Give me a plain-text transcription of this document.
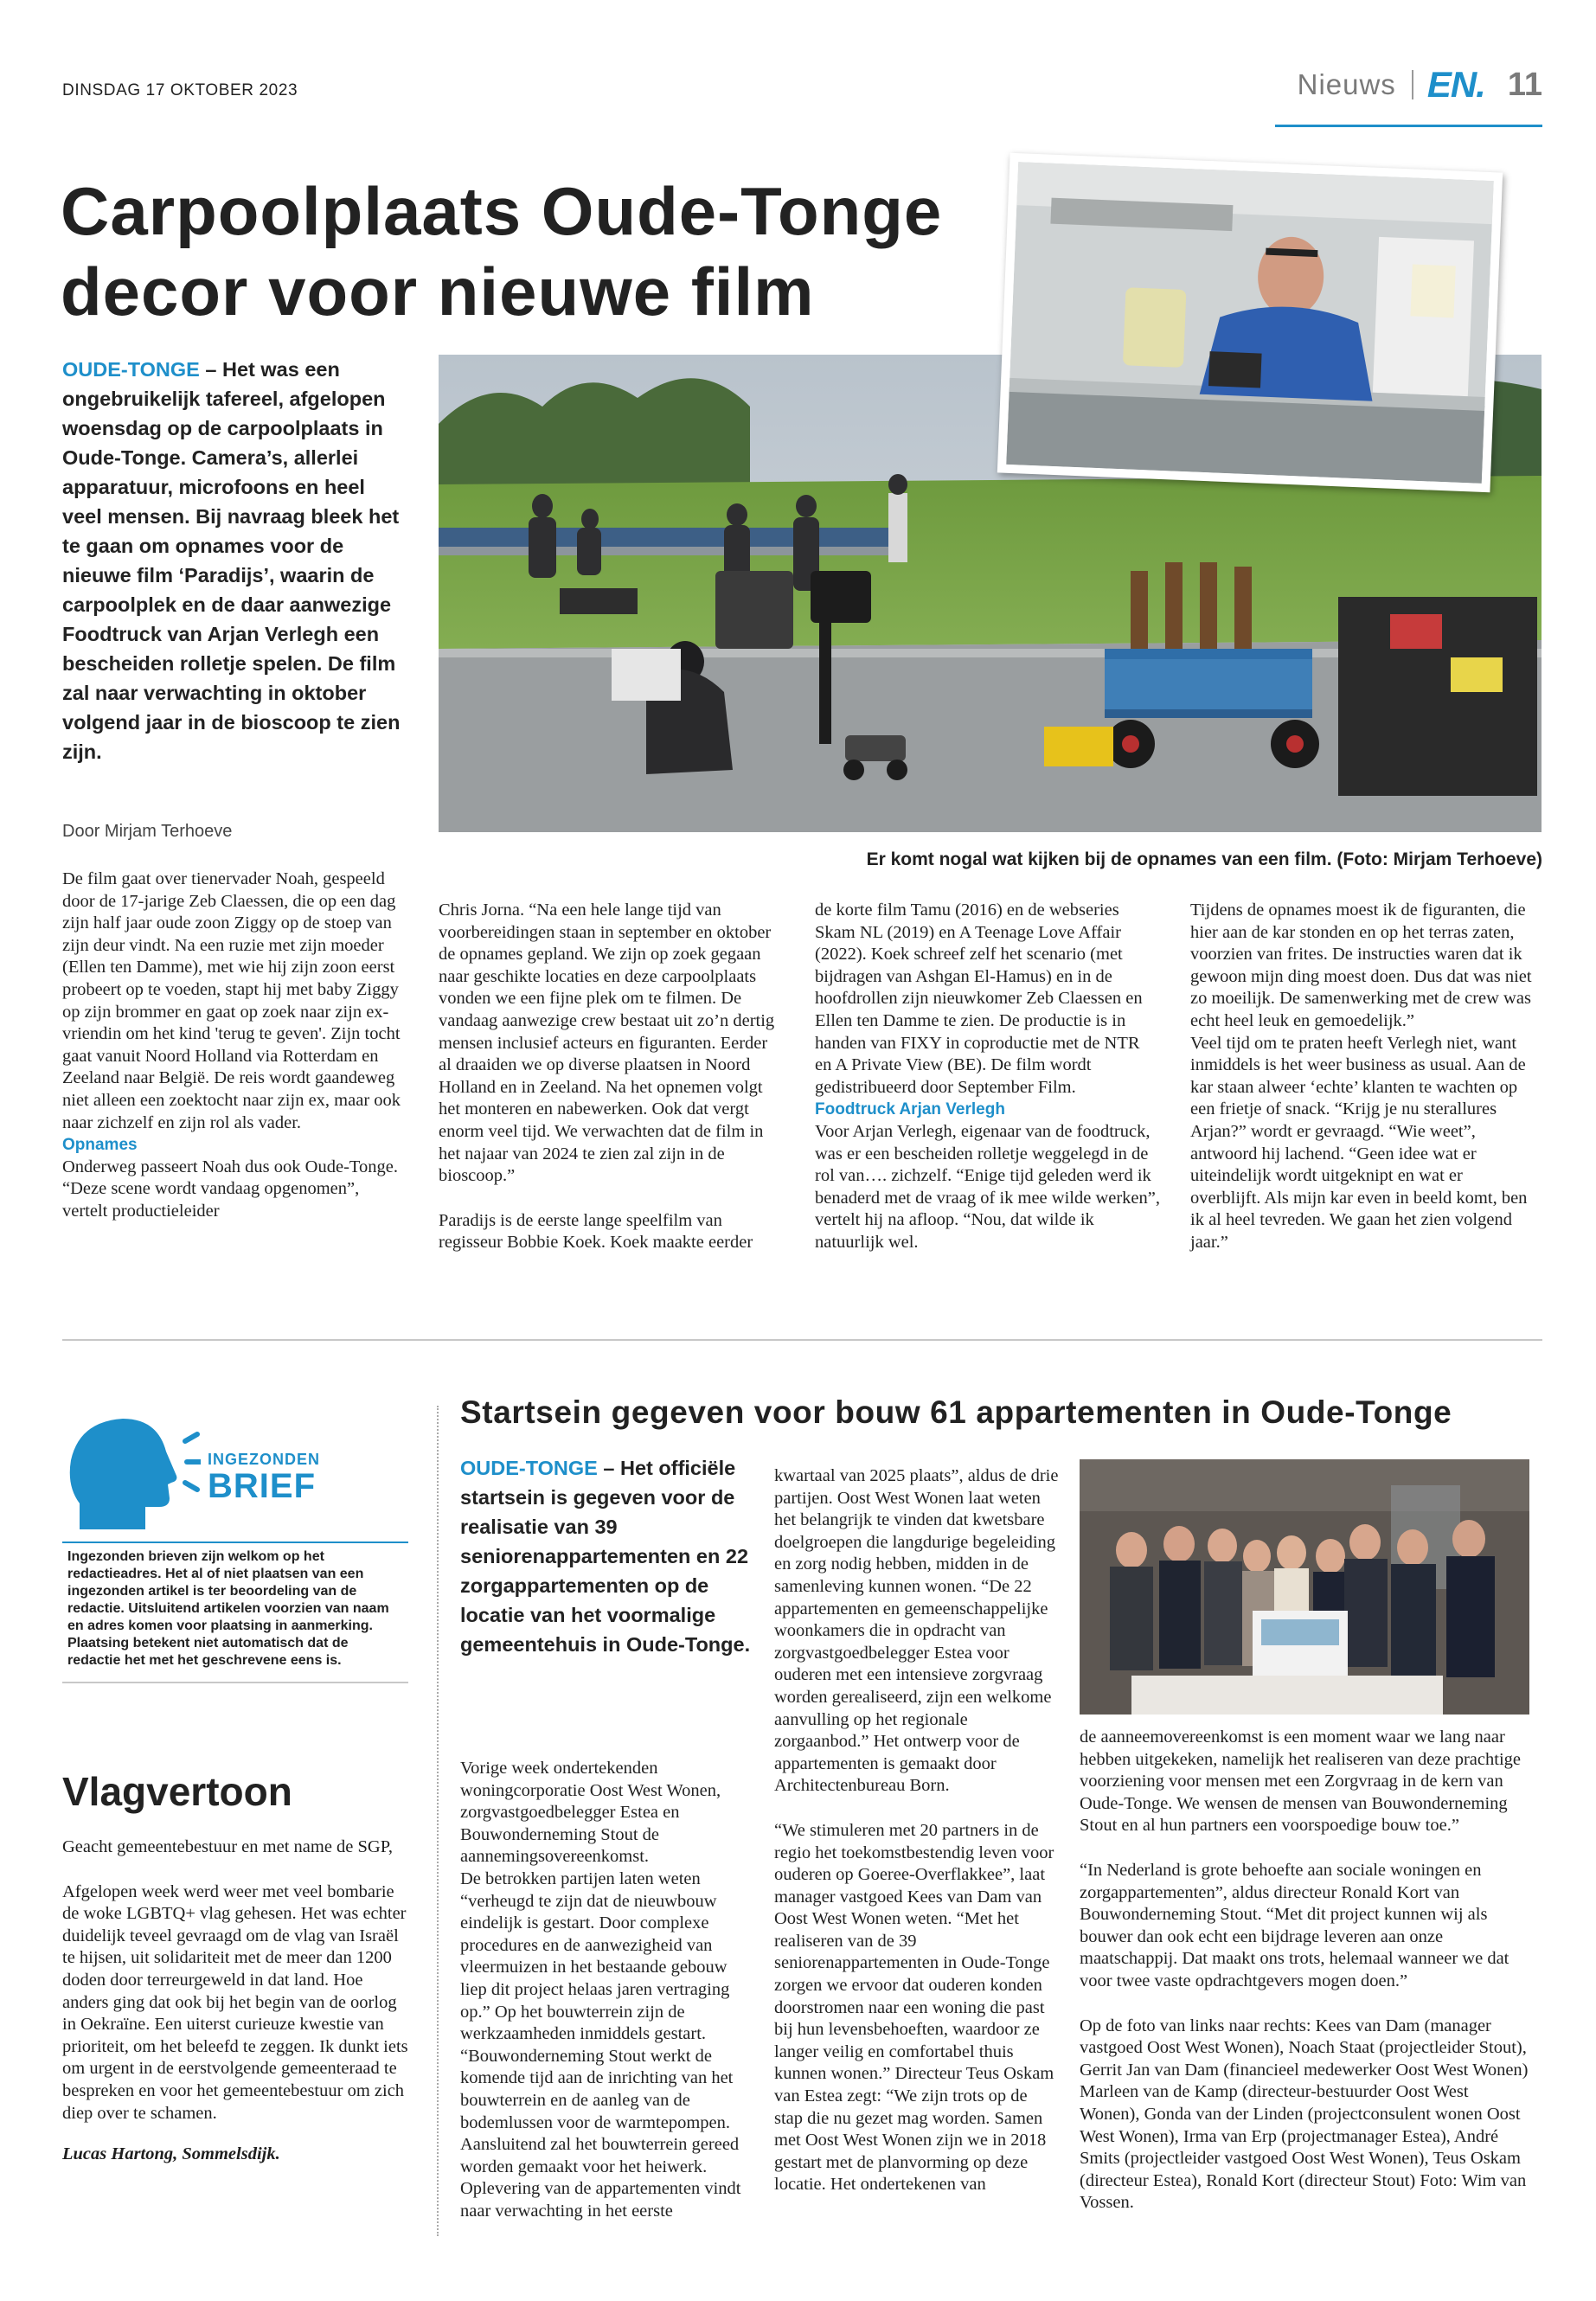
DINSDAG 17 OKTOBER 2023	Nieuws EN. 11
Carpoolplaats Oude-Tonge
decor voor nieuwe film
OUDE-TONGE – Het was een ongebruikelijk tafereel, afgelopen woensdag op de carpoolplaats in Oude-Tonge. Camera’s, allerlei apparatuur, microfoons en heel veel mensen. Bij navraag bleek het te gaan om opnames voor de nieuwe film ‘Paradijs’, waarin de carpoolplek en de daar aanwezige Foodtruck van Arjan Verlegh een bescheiden rolletje spelen. De film zal naar verwachting in oktober volgend jaar in de bioscoop te zien zijn.
Door Mirjam Terhoeve
Er komt nogal wat kijken bij de opnames van een film. (Foto: Mirjam Terhoeve)

De film gaat over tienervader Noah, gespeeld door de 17-jarige Zeb Claessen, die op een dag zijn half jaar oude zoon Ziggy op de stoep van zijn deur vindt. Na een ruzie met zijn moeder (Ellen ten Damme), met wie hij zijn zoon eerst probeert op te voeden, stapt hij met baby Ziggy op zijn brommer en gaat op zoek naar zijn ex-vriendin om het kind 'terug te geven'. Zijn tocht gaat vanuit Noord Holland via Rotterdam en Zeeland naar België. De reis wordt gaandeweg niet alleen een zoektocht naar zijn ex, maar ook naar zichzelf en zijn rol als vader.

Opnames

Onderweg passeert Noah dus ook Oude-Tonge. “Deze scene wordt vandaag opgenomen”, vertelt productieleider

Chris Jorna. “Na een hele lange tijd van voorbereidingen staan in september en oktober de opnames gepland. We zijn op zoek gegaan naar geschikte locaties en deze carpoolplaats vonden we een fijne plek om te filmen. De vandaag aanwezige crew bestaat uit zo’n dertig mensen inclusief acteurs en figuranten. Eerder al draaiden we op diverse plaatsen in Noord Holland en in Zeeland. Na het opnemen volgt het monteren en nabewerken. Ook dat vergt enorm veel tijd. We verwachten dat de film in het najaar van 2024 te zien zal zijn in de bioscoop.”

Paradijs is de eerste lange speelfilm van regisseur Bobbie Koek. Koek maakte eerder

de korte film Tamu (2016) en de webseries Skam NL (2019) en A Teenage Love Affair (2022). Koek schreef zelf het scenario (met bijdragen van Ashgan El-Hamus) en in de hoofdrollen zijn nieuwkomer Zeb Claessen en Ellen ten Damme te zien. De productie is in handen van FIXY in coproductie met de NTR en A Private View (BE). De film wordt gedistribueerd door September Film.

Foodtruck Arjan Verlegh

Voor Arjan Verlegh, eigenaar van de foodtruck, was er een bescheiden rolletje weggelegd in de rol van…. zichzelf. “Enige tijd geleden werd ik benaderd met de vraag of ik mee wilde werken”, vertelt hij na afloop. “Nou, dat wilde ik natuurlijk wel.

Tijdens de opnames moest ik de figuranten, die hier aan de kar stonden en op het terras zaten, voorzien van frites. De instructies waren dat ik gewoon mijn ding moest doen. Dus dat was niet zo moeilijk. De samenwerking met de crew was echt heel leuk en gemoedelijk.”

Veel tijd om te praten heeft Verlegh niet, want inmiddels is het weer business as usual. Aan de kar staan alweer ‘echte’ klanten te wachten op een frietje of snack. “Krijg je nu sterallures Arjan?” wordt er gevraagd. “Wie weet”, antwoord hij lachend. “Geen idee wat er uiteindelijk wordt uitgeknipt en wat er overblijft. Als mijn kar even in beeld komt, ben ik al heel tevreden. We gaan het zien volgend jaar.”

INGEZONDEN
BRIEF
Ingezonden brieven zijn welkom op het redactieadres. Het al of niet plaatsen van een ingezonden artikel is ter beoordeling van de redactie. Uitsluitend artikelen voorzien van naam en adres komen voor plaatsing in aanmerking. Plaatsing betekent niet automatisch dat de redactie het met het geschrevene eens is.
Vlagvertoon

Geacht gemeentebestuur en met name de SGP,

Afgelopen week werd weer met veel bombarie de woke LGBTQ+ vlag gehesen. Het was echter duidelijk teveel gevraagd om de vlag van Israël te hijsen, uit solidariteit met de meer dan 1200 doden door terreurgeweld in dat land. Hoe anders ging dat ook bij het begin van de oorlog in Oekraïne. Een uiterst curieuze kwestie van prioriteit, om het beleefd te zeggen. Ik dunkt iets om urgent in de eerstvolgende gemeenteraad te bespreken en voor het gemeentebestuur om zich diep over te schamen.

Lucas Hartong, Sommelsdijk.

Startsein gegeven voor bouw 61 appartementen in Oude-Tonge
OUDE-TONGE – Het officiële startsein is gegeven voor de realisatie van 39 seniorenappartementen en 22 zorgappartementen op de locatie van het voormalige gemeentehuis in Oude-Tonge.

Vorige week ondertekenden woningcorporatie Oost West Wonen, zorgvastgoedbelegger Estea en Bouwonderneming Stout de aannemingsovereenkomst.

De betrokken partijen laten weten “verheugd te zijn dat de nieuwbouw eindelijk is gestart. Door complexe procedures en de aanwezigheid van vleermuizen in het bestaande gebouw liep dit project helaas jaren vertraging op.” Op het bouwterrein zijn de werkzaamheden inmiddels gestart. “Bouwonderneming Stout werkt de komende tijd aan de inrichting van het bouwterrein en de aanleg van de bodemlussen voor de warmtepompen. Aansluitend zal het bouwterrein gereed worden gemaakt voor het heiwerk. Oplevering van de appartementen vindt naar verwachting in het eerste

kwartaal van 2025 plaats”, aldus de drie partijen. Oost West Wonen laat weten het belangrijk te vinden dat kwetsbare doelgroepen die langdurige begeleiding en zorg nodig hebben, midden in de samenleving kunnen wonen. “De 22 appartementen en gemeenschappelijke woonkamers die in opdracht van zorgvastgoedbelegger Estea voor ouderen met een intensieve zorgvraag worden gerealiseerd, zijn een welkome aanvulling op het regionale zorgaanbod.” Het ontwerp voor de appartementen is gemaakt door Architectenbureau Born.

“We stimuleren met 20 partners in de regio het toekomstbestendig leven voor ouderen op Goeree-Overflakkee”, laat manager vastgoed Kees van Dam van Oost West Wonen weten. “Met het realiseren van de 39 seniorenappartementen in Oude-Tonge zorgen we ervoor dat ouderen konden doorstromen naar een woning die past bij hun levensbehoeften, waardoor ze langer veilig en comfortabel thuis kunnen wonen.” Directeur Teus Oskam van Estea zegt: “We zijn trots op de stap die nu gezet mag worden. Samen met Oost West Wonen zijn we in 2018 gestart met de planvorming op deze locatie. Het ondertekenen van

de aanneemovereenkomst is een moment waar we lang naar hebben uitgekeken, namelijk het realiseren van deze prachtige voorziening voor mensen met een Zorgvraag in de kern van Oude-Tonge. We wensen de mensen van Bouwonderneming Stout en al hun partners een voorspoedige bouw toe.”

“In Nederland is grote behoefte aan sociale woningen en zorgappartementen”, aldus directeur Ronald Kort van Bouwonderneming Stout. “Met dit project kunnen wij als bouwer dan ook echt een bijdrage leveren aan onze maatschappij. Dat maakt ons trots, helemaal wanneer we dat voor twee vaste opdrachtgevers mogen doen.”

Op de foto van links naar rechts: Kees van Dam (manager vastgoed Oost West Wonen), Noach Staat (projectleider Stout), Gerrit Jan van Dam (financieel medewerker Oost West Wonen) Marleen van de Kamp (directeur-bestuurder Oost West Wonen), Gonda van der Linden (projectconsulent wonen Oost West Wonen), Irma van Erp (projectmanager Estea), André Smits (projectleider vastgoed Oost West Wonen), Teus Oskam (directeur Estea), Ronald Kort (directeur Stout) Foto: Wim van Vossen.
